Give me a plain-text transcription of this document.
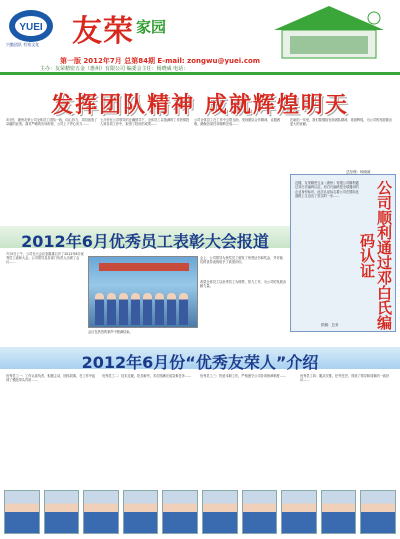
YUEI
兴勤团队 有家文化 友荣 家园
第一版 2012年7月 总第84期 E-mail: zongwu@yuei.com
主办：友荣精密五金（惠州）有限公司 编委会主任：杨晓威 电话：
发挥团队精神 成就辉煌明天
3月份，惠州友荣公司全体员工团结一致，同心协力，共同创造了卓越的业绩。面对严峻的市场形势，公司上下齐心协力……
七月份在公司领导的正确领导下，全体员工以饱满的工作热情投入到各项工作中，取得了较好的成绩……
公司全体员工在工作中互帮互助，发扬团队合作精神，克服困难，确保各项任务顺利完成……
在新的一年里，我们要继续发扬团队精神，再创辉煌，为公司的发展做出更大的贡献。
总经理：杨晓威
近期，友荣精密五金（惠州）有限公司顺利通过邓白氏编码认证，邓白氏编码是全球通用的企业身份标识，此次认证标志着公司在国际化道路上又迈出了坚实的一步……	公司顺利通过邓白氏编码认证
供稿：总务
2012年6月优秀员工表彰大会报道
7月5日上午，公司在大会议室隆重召开了2012年6月优秀员工表彰大会。公司领导及各部门负责人出席了会议……
会上，公司领导为获奖员工颁发了荣誉证书和奖金，并对他们的优异表现给予了高度评价。
希望全体员工以优秀员工为榜样，努力工作，为公司的发展贡献力量。
会议在热烈的掌声中圆满结束。
2012年6月份“优秀友荣人”介绍
优秀员工一：工作认真负责，积极主动，团结同事，在工作中起到了模范带头作用……
优秀员工二：技术过硬，吃苦耐劳，多次圆满完成急难任务……	优秀员工三：热爱本职工作，严格遵守公司各项规章制度……	优秀员工四：服从安排，任劳任怨，得到了领导和同事的一致好评……
